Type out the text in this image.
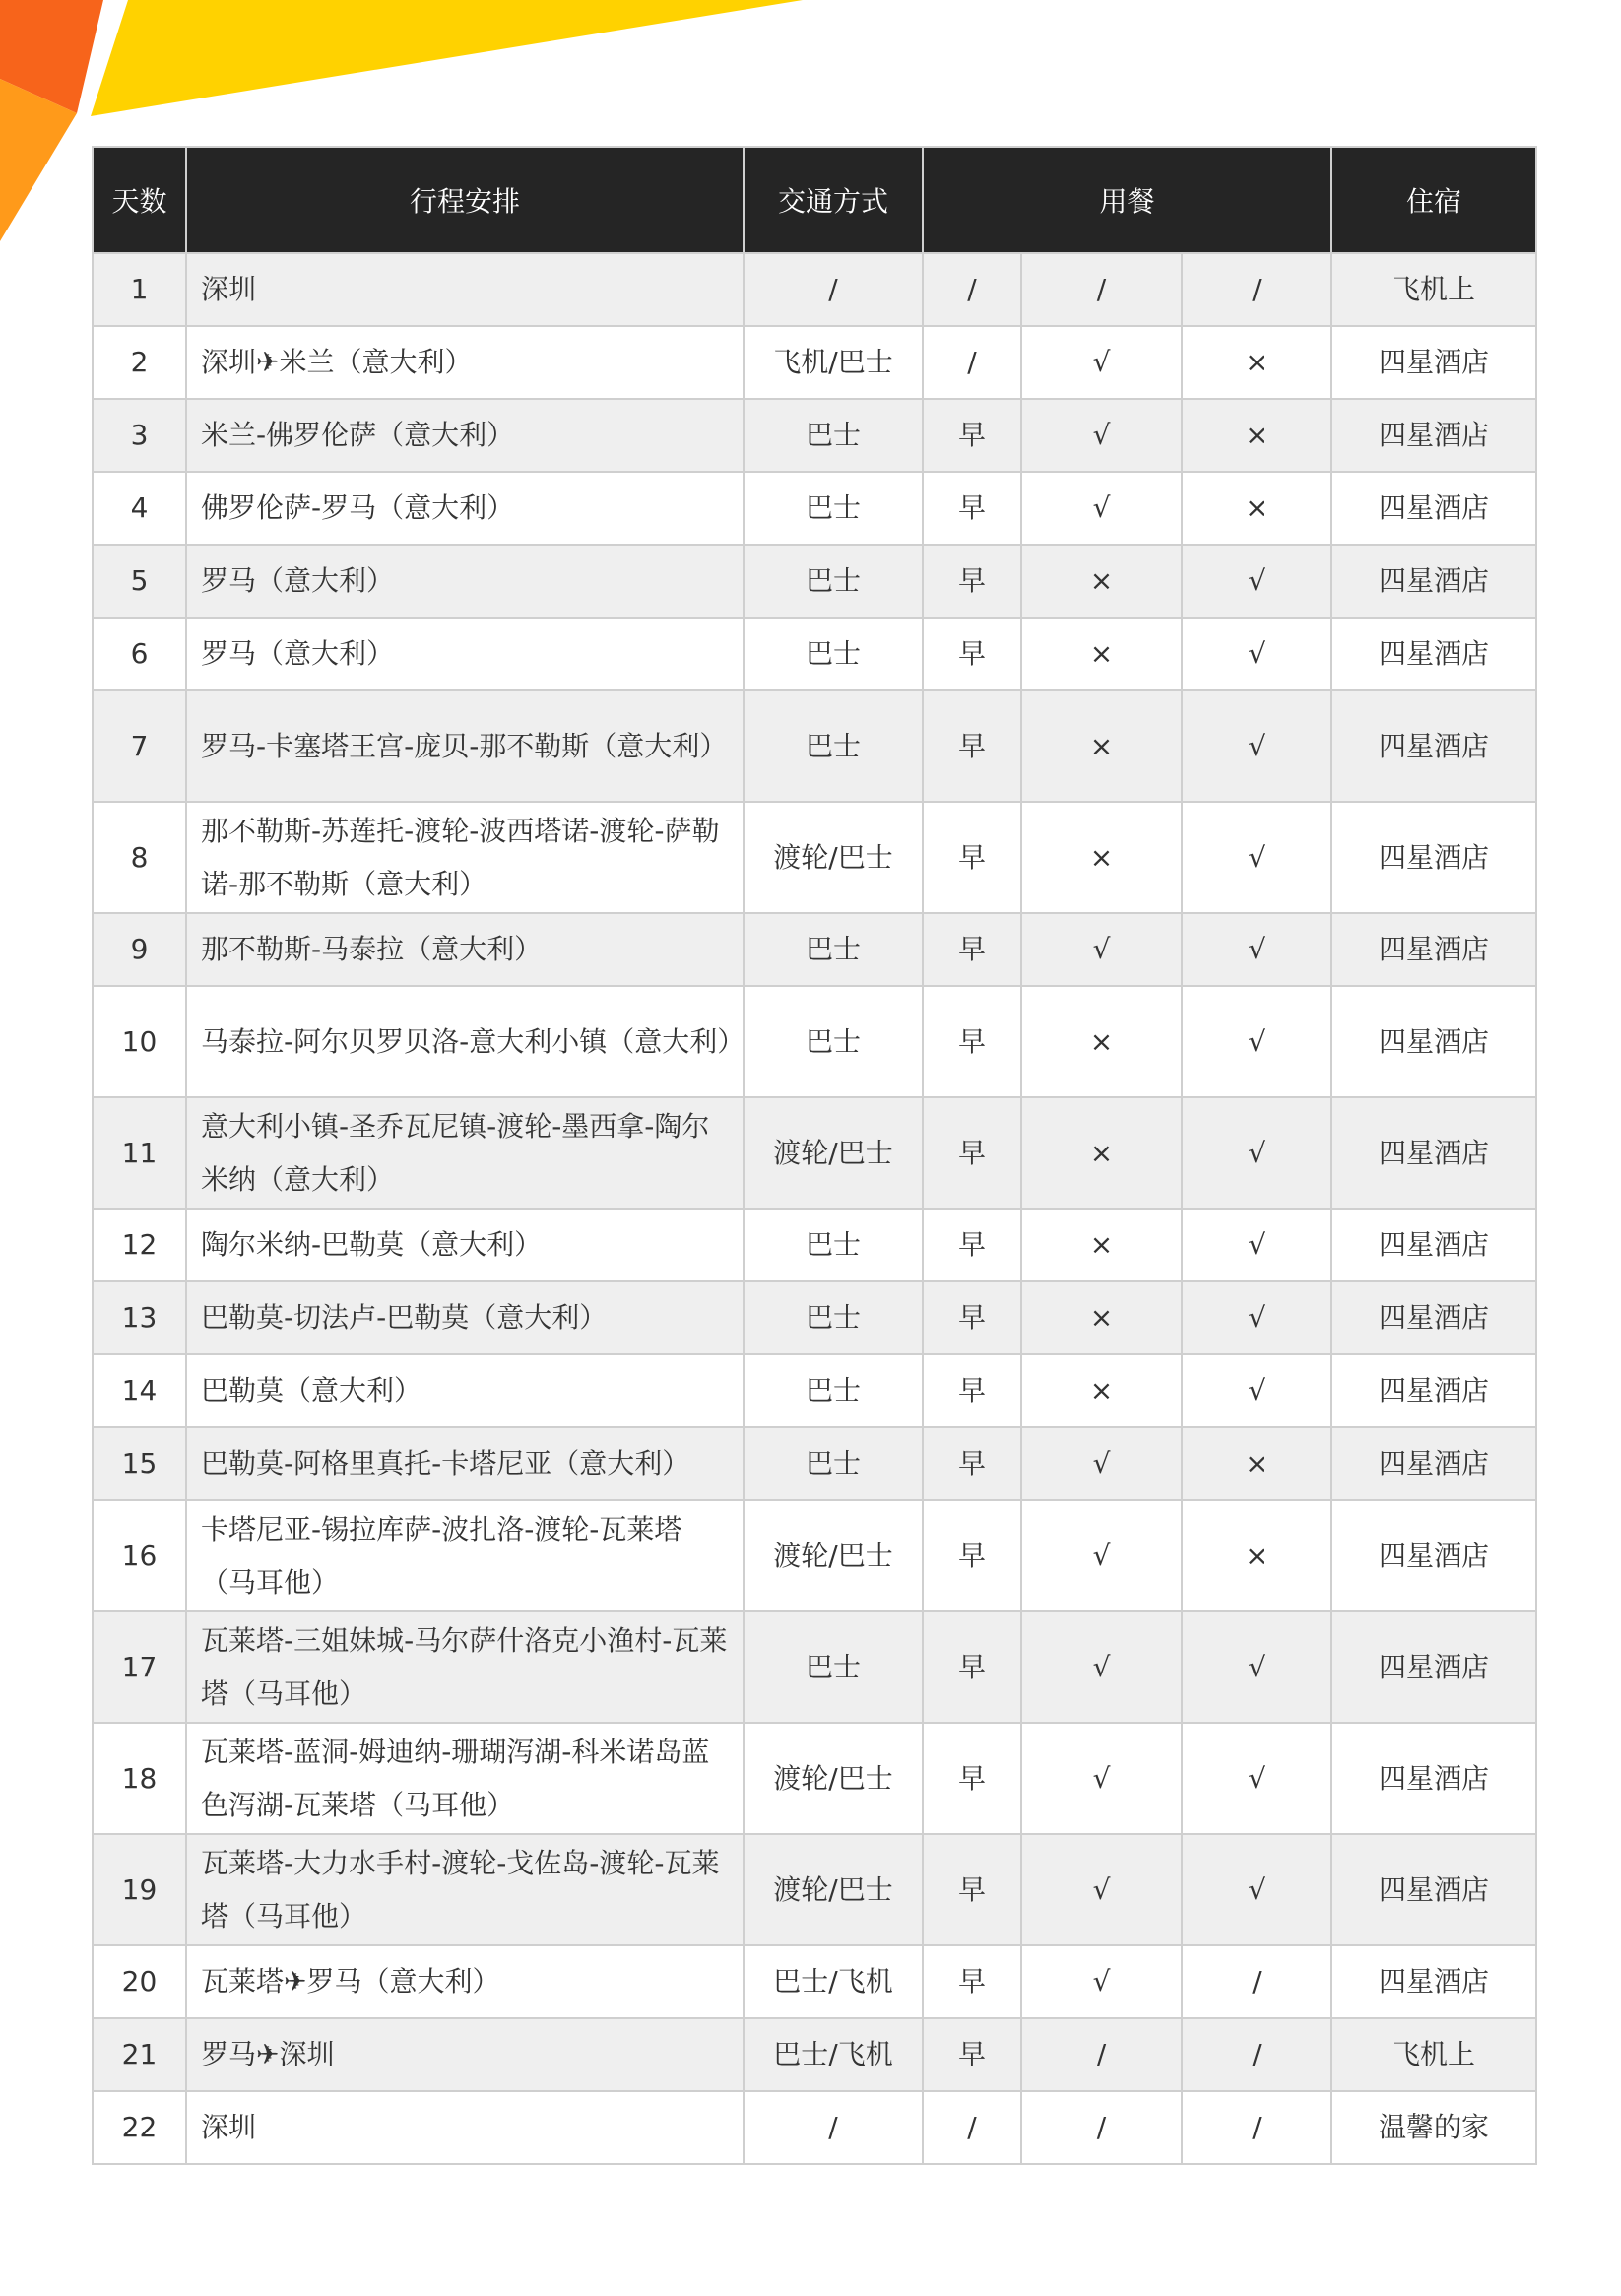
天数	行程安排	交通方式	用餐			住宿
1	深圳	/	/	/	/	飞机上
2	深圳✈米兰（意大利）	飞机/巴士	/	√	×	四星酒店
3	米兰-佛罗伦萨（意大利）	巴士	早	√	×	四星酒店
4	佛罗伦萨-罗马（意大利）	巴士	早	√	×	四星酒店
5	罗马（意大利）	巴士	早	×	√	四星酒店
6	罗马（意大利）	巴士	早	×	√	四星酒店
7	罗马-卡塞塔王宫-庞贝-那不勒斯（意大利）	巴士	早	×	√	四星酒店
8	那不勒斯-苏莲托-渡轮-波西塔诺-渡轮-萨勒诺-那不勒斯（意大利）	渡轮/巴士	早	×	√	四星酒店
9	那不勒斯-马泰拉（意大利）	巴士	早	√	√	四星酒店
10	马泰拉-阿尔贝罗贝洛-意大利小镇（意大利）	巴士	早	×	√	四星酒店
11	意大利小镇-圣乔瓦尼镇-渡轮-墨西拿-陶尔米纳（意大利）	渡轮/巴士	早	×	√	四星酒店
12	陶尔米纳-巴勒莫（意大利）	巴士	早	×	√	四星酒店
13	巴勒莫-切法卢-巴勒莫（意大利）	巴士	早	×	√	四星酒店
14	巴勒莫（意大利）	巴士	早	×	√	四星酒店
15	巴勒莫-阿格里真托-卡塔尼亚（意大利）	巴士	早	√	×	四星酒店
16	卡塔尼亚-锡拉库萨-波扎洛-渡轮-瓦莱塔（马耳他）	渡轮/巴士	早	√	×	四星酒店
17	瓦莱塔-三姐妹城-马尔萨什洛克小渔村-瓦莱塔（马耳他）	巴士	早	√	√	四星酒店
18	瓦莱塔-蓝洞-姆迪纳-珊瑚泻湖-科米诺岛蓝色泻湖-瓦莱塔（马耳他）	渡轮/巴士	早	√	√	四星酒店
19	瓦莱塔-大力水手村-渡轮-戈佐岛-渡轮-瓦莱塔（马耳他）	渡轮/巴士	早	√	√	四星酒店
20	瓦莱塔✈罗马（意大利）	巴士/飞机	早	√	/	四星酒店
21	罗马✈深圳	巴士/飞机	早	/	/	飞机上
22	深圳	/	/	/	/	温馨的家
